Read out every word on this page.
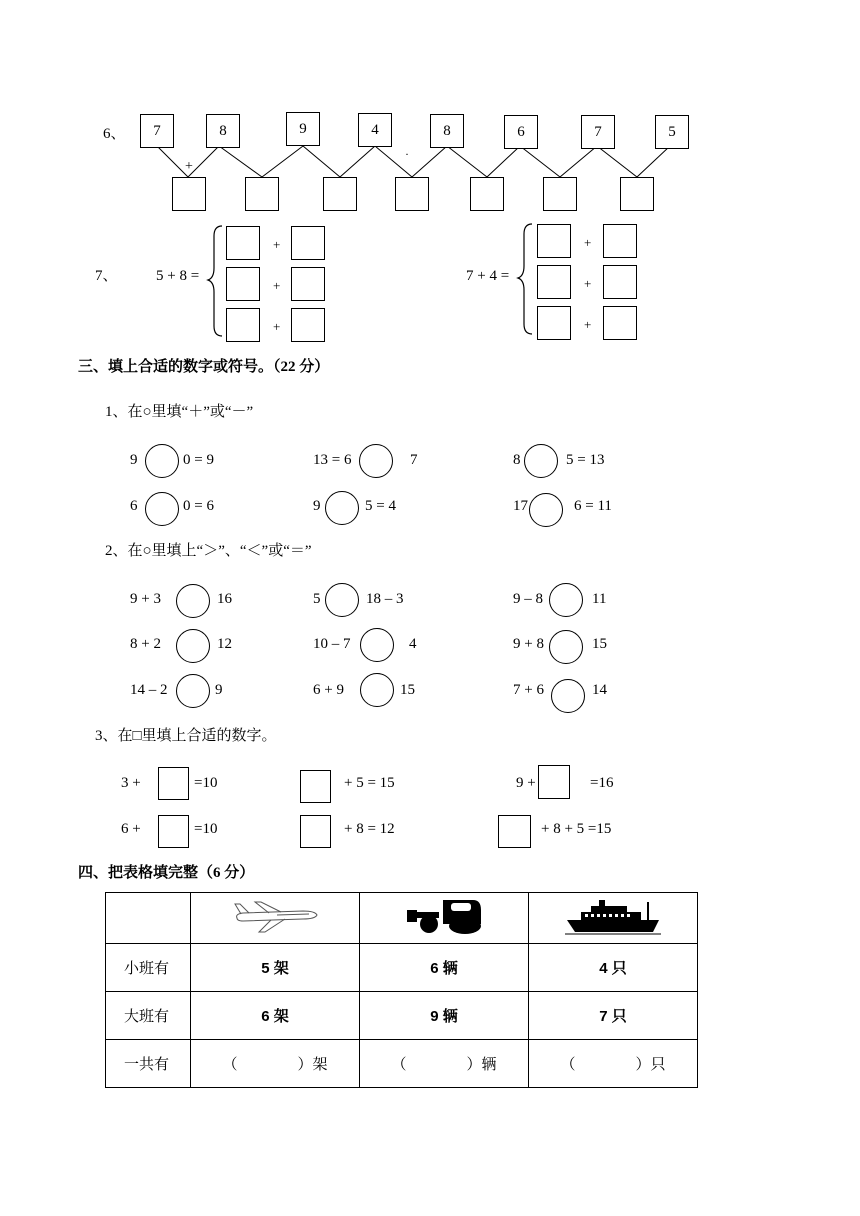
6、	7	8	9	4	8	6	7	5
+
·
7、	5 + 8 =	7 + 4 =
+
+
+
+
+
+
三、填上合适的数字或符号。（22 分）
1、在○里填“＋”或“－”
9	0 = 9	13 = 6	7	8	5 = 13
6	0 = 6	9	5 = 4	17	6 = 11
2、在○里填上“＞”、“＜”或“＝”
9 + 3	16	5	18 – 3	9 – 8	11
8 + 2	12	10 – 7	4	9 + 8	15
14 – 2	9	6 + 9	15	7 + 6	14
3、在□里填上合适的数字。
3 +	=10	+ 5 = 15	9 +	=16
6 +	=10	+ 8 = 12	+ 8 + 5 =15
四、把表格填完整（6 分）

小班有	5 架	6 辆	4 只
大班有	6 架	9 辆	7 只
一共有	（　　　　）架	（　　　　）辆	（　　　　）只
